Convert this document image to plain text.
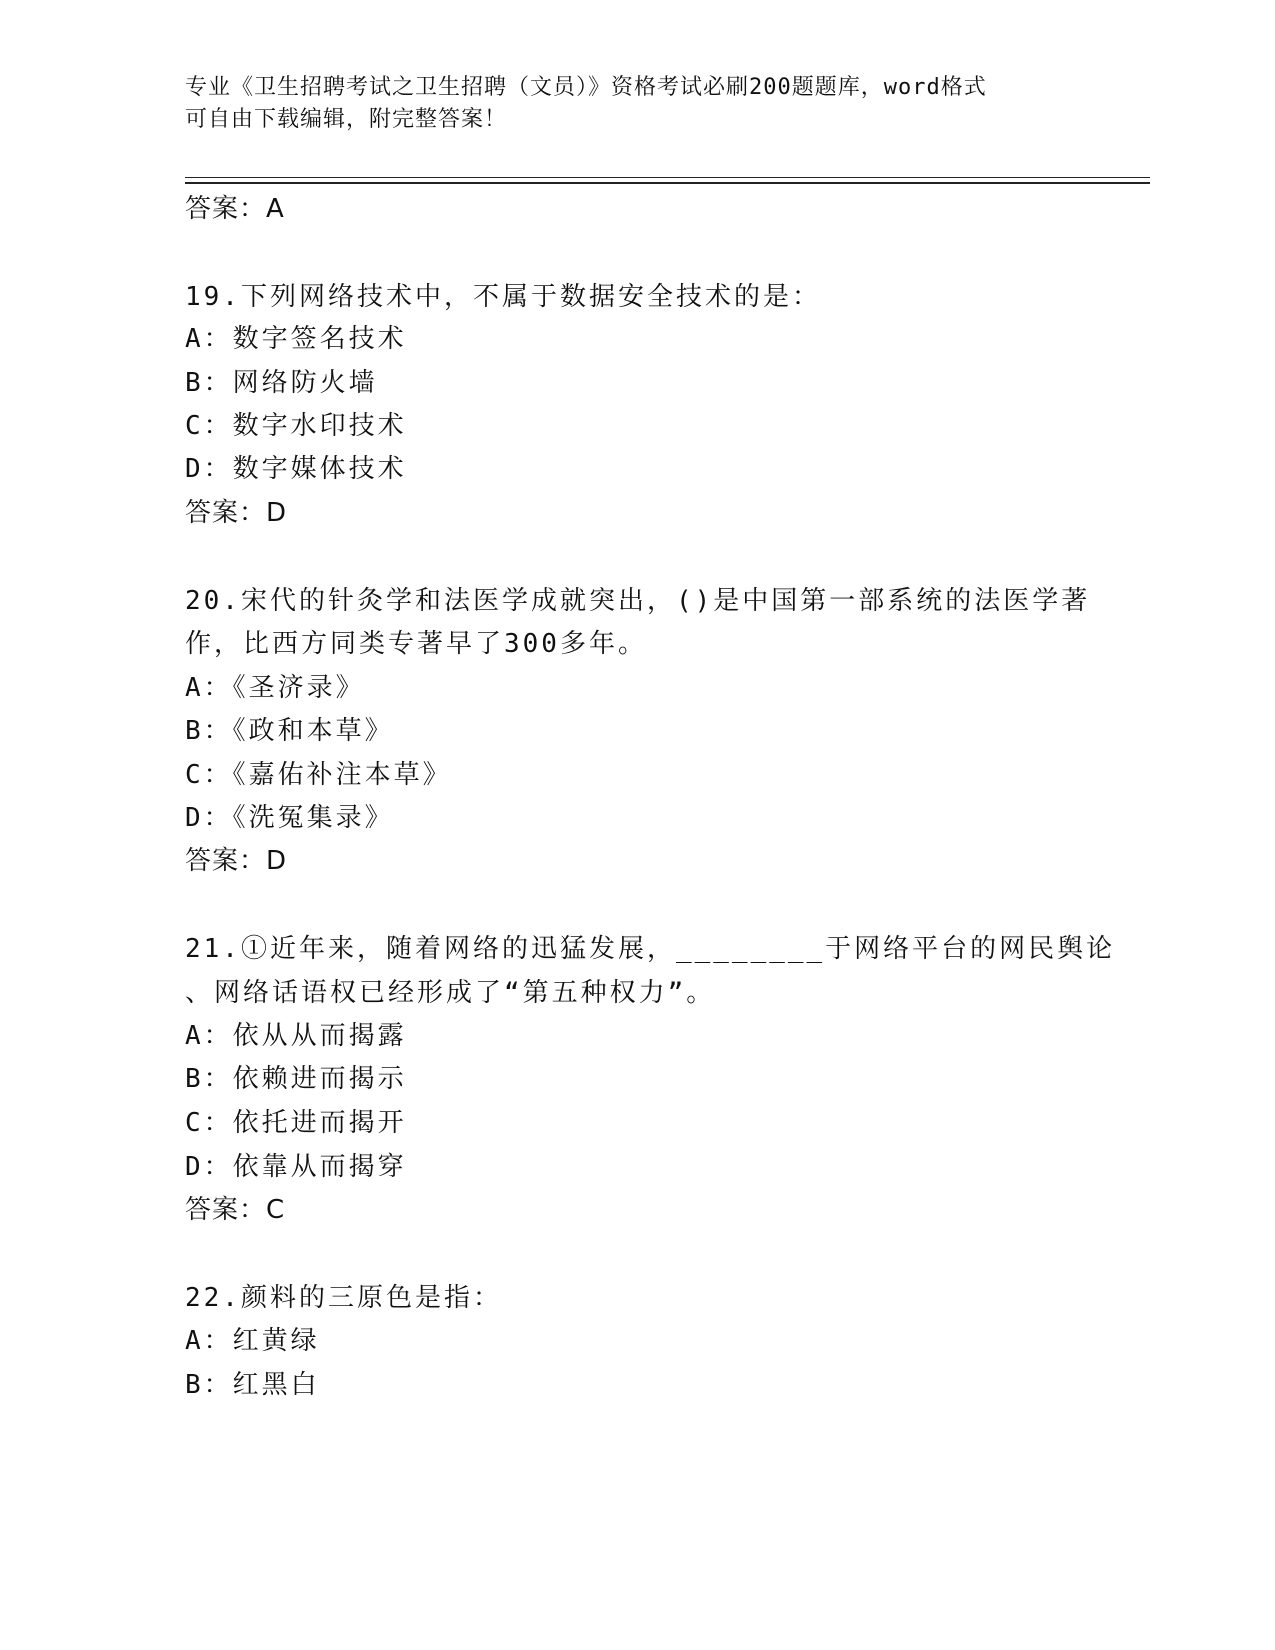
专业《卫生招聘考试之卫生招聘（文员）》资格考试必刷200题题库，word格式
可自由下载编辑，附完整答案！
答案：A
19.下列网络技术中，不属于数据安全技术的是：
A：数字签名技术
B：网络防火墙
C：数字水印技术
D：数字媒体技术
答案：D
20.宋代的针灸学和法医学成就突出，()是中国第一部系统的法医学著
作，比西方同类专著早了300多年。
A：《圣济录》
B：《政和本草》
C：《嘉佑补注本草》
D：《洗冤集录》
答案：D
21.①近年来，随着网络的迅猛发展，________于网络平台的网民舆论
、网络话语权已经形成了“第五种权力”。
A：依从从而揭露
B：依赖进而揭示
C：依托进而揭开
D：依靠从而揭穿
答案：C
22.颜料的三原色是指：
A：红黄绿
B：红黑白
